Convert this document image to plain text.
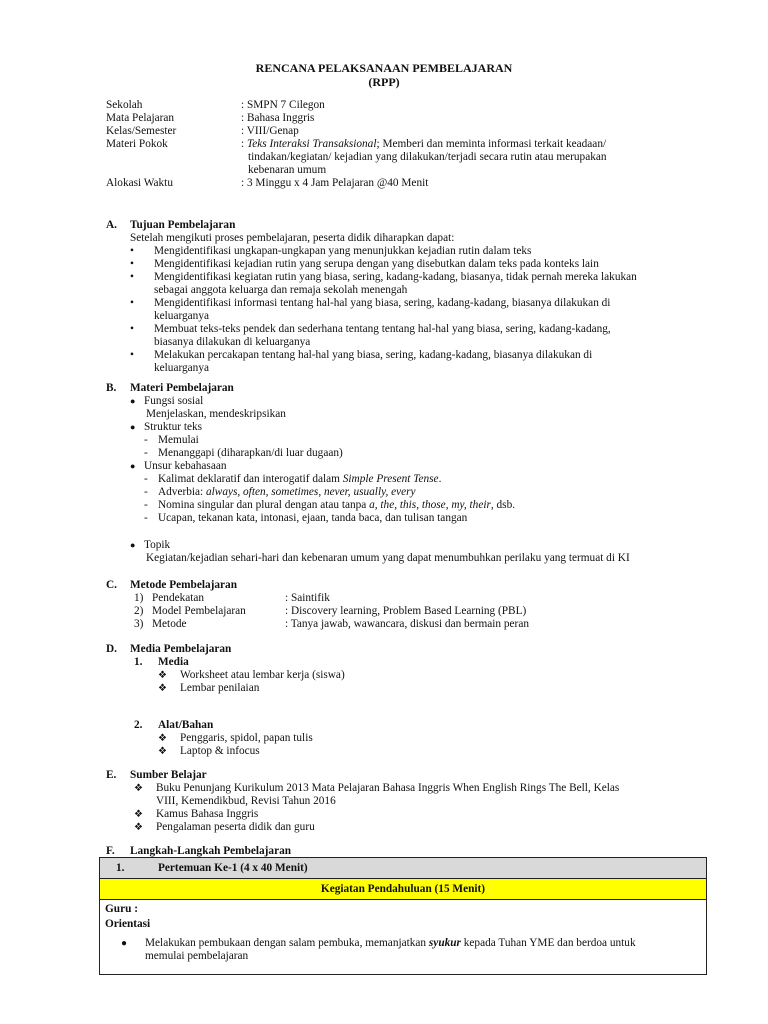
RENCANA PELAKSANAAN PEMBELAJARAN
(RPP)
Sekolah	: SMPN 7 Cilegon
Mata Pelajaran	: Bahasa Inggris
Kelas/Semester	: VIII/Genap
Materi Pokok	: Teks Interaksi Transaksional; Memberi dan meminta informasi terkait keadaan/
tindakan/kegiatan/ kejadian yang dilakukan/terjadi secara rutin atau merupakan
kebenaran umum
Alokasi Waktu	: 3 Minggu x 4 Jam Pelajaran @40 Menit
A.	Tujuan Pembelajaran
Setelah mengikuti proses pembelajaran, peserta didik diharapkan dapat:
•	Mengidentifikasi ungkapan-ungkapan yang menunjukkan kejadian rutin dalam teks
•	Mengidentifikasi kejadian rutin yang serupa dengan yang disebutkan dalam teks pada konteks lain
•	Mengidentifikasi kegiatan rutin yang biasa, sering, kadang-kadang, biasanya, tidak pernah mereka lakukan
sebagai anggota keluarga dan remaja sekolah menengah
•	Mengidentifikasi informasi tentang hal-hal yang biasa, sering, kadang-kadang, biasanya dilakukan di
keluarganya
•	Membuat teks-teks pendek dan sederhana tentang tentang hal-hal yang biasa, sering, kadang-kadang,
biasanya dilakukan di keluarganya
•	Melakukan percakapan tentang hal-hal yang biasa, sering, kadang-kadang, biasanya dilakukan di
keluarganya
B.	Materi Pembelajaran
● Fungsi sosial
Menjelaskan, mendeskripsikan
● Struktur teks
- Memulai
- Menanggapi (diharapkan/di luar dugaan)
● Unsur kebahasaan
- Kalimat deklaratif dan interogatif dalam Simple Present Tense.
- Adverbia: always, often, sometimes, never, usually, every
- Nomina singular dan plural dengan atau tanpa a, the, this, those, my, their, dsb.
- Ucapan, tekanan kata, intonasi, ejaan, tanda baca, dan tulisan tangan
● Topik
Kegiatan/kejadian sehari-hari dan kebenaran umum yang dapat menumbuhkan perilaku yang termuat di KI
C.	Metode Pembelajaran
1) Pendekatan	: Saintifik
2) Model Pembelajaran	: Discovery learning, Problem Based Learning (PBL)
3) Metode	: Tanya jawab, wawancara, diskusi dan bermain peran
D.	Media Pembelajaran
1.	Media
❖	Worksheet atau lembar kerja (siswa)
❖	Lembar penilaian
2.	Alat/Bahan
❖	Penggaris, spidol, papan tulis
❖	Laptop & infocus
E.	Sumber Belajar
❖	Buku Penunjang Kurikulum 2013 Mata Pelajaran Bahasa Inggris When English Rings The Bell, Kelas
VIII, Kemendikbud, Revisi Tahun 2016
❖	Kamus Bahasa Inggris
❖	Pengalaman peserta didik dan guru
F.	Langkah-Langkah Pembelajaran
1.	Pertemuan Ke-1 (4 x 40 Menit)
Kegiatan Pendahuluan (15 Menit)
Guru :
Orientasi
●	Melakukan pembukaan dengan salam pembuka, memanjatkan syukur kepada Tuhan YME dan berdoa untuk
memulai pembelajaran
